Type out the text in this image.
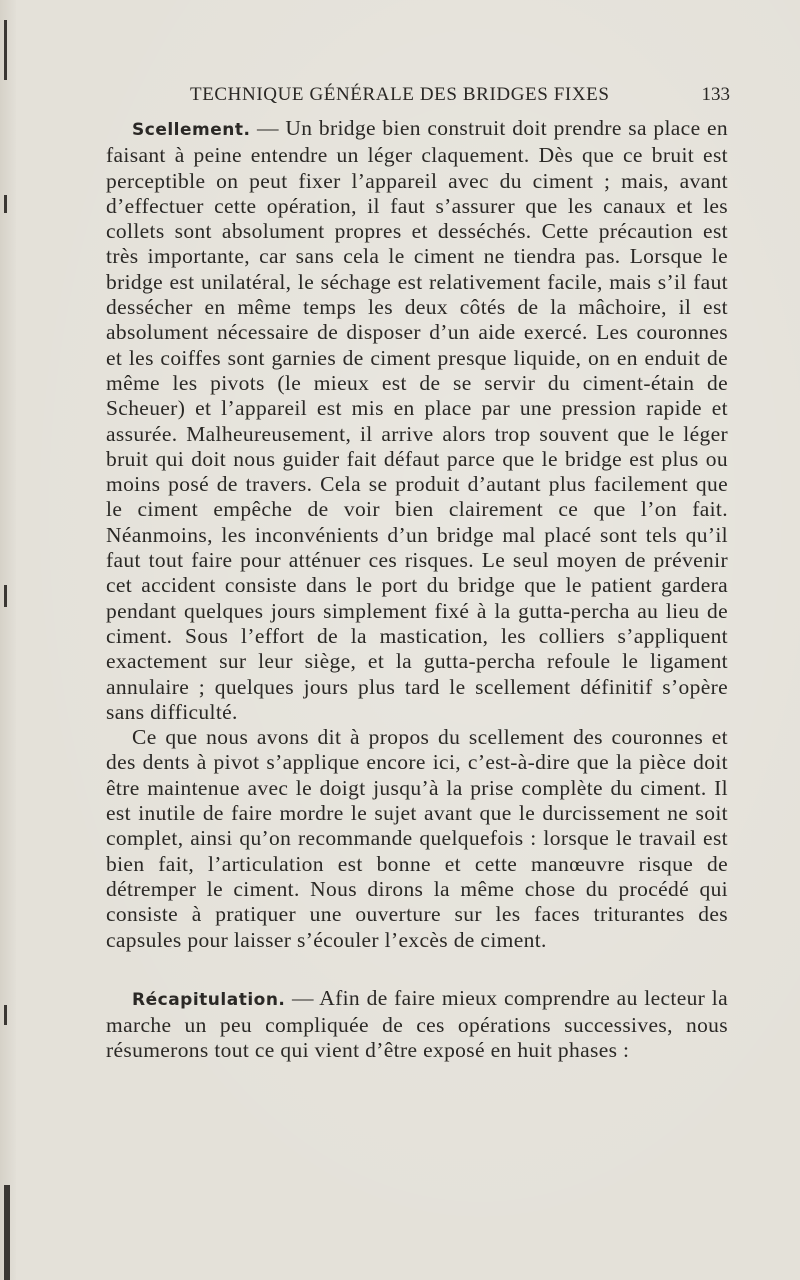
TECHNIQUE GÉNÉRALE DES BRIDGES FIXES	133

Scellement. — Un bridge bien construit doit prendre sa place en faisant à peine entendre un léger claquement. Dès que ce bruit est perceptible on peut fixer l’appareil avec du ciment ; mais, avant d’effectuer cette opération, il faut s’assurer que les canaux et les collets sont absolument propres et desséchés. Cette précaution est très importante, car sans cela le ciment ne tiendra pas. Lorsque le bridge est unilatéral, le séchage est relativement facile, mais s’il faut dessécher en même temps les deux côtés de la mâchoire, il est absolument nécessaire de disposer d’un aide exercé. Les couronnes et les coiffes sont garnies de ciment presque liquide, on en enduit de même les pivots (le mieux est de se servir du ciment-étain de Scheuer) et l’appareil est mis en place par une pression rapide et assurée. Malheureusement, il arrive alors trop souvent que le léger bruit qui doit nous guider fait défaut parce que le bridge est plus ou moins posé de travers. Cela se produit d’autant plus facilement que le ciment empêche de voir bien clairement ce que l’on fait. Néanmoins, les inconvénients d’un bridge mal placé sont tels qu’il faut tout faire pour atténuer ces risques. Le seul moyen de prévenir cet accident consiste dans le port du bridge que le patient gardera pendant quelques jours simplement fixé à la gutta-percha au lieu de ciment. Sous l’effort de la mastication, les colliers s’appliquent exactement sur leur siège, et la gutta-percha refoule le ligament annulaire ; quelques jours plus tard le scellement définitif s’opère sans difficulté.

Ce que nous avons dit à propos du scellement des couronnes et des dents à pivot s’applique encore ici, c’est-à-dire que la pièce doit être maintenue avec le doigt jusqu’à la prise complète du ciment. Il est inutile de faire mordre le sujet avant que le durcissement ne soit complet, ainsi qu’on recommande quelquefois : lorsque le travail est bien fait, l’articulation est bonne et cette manœuvre risque de détremper le ciment. Nous dirons la même chose du procédé qui consiste à pratiquer une ouverture sur les faces triturantes des capsules pour laisser s’écouler l’excès de ciment.

Récapitulation. — Afin de faire mieux comprendre au lecteur la marche un peu compliquée de ces opérations successives, nous résumerons tout ce qui vient d’être exposé en huit phases :
